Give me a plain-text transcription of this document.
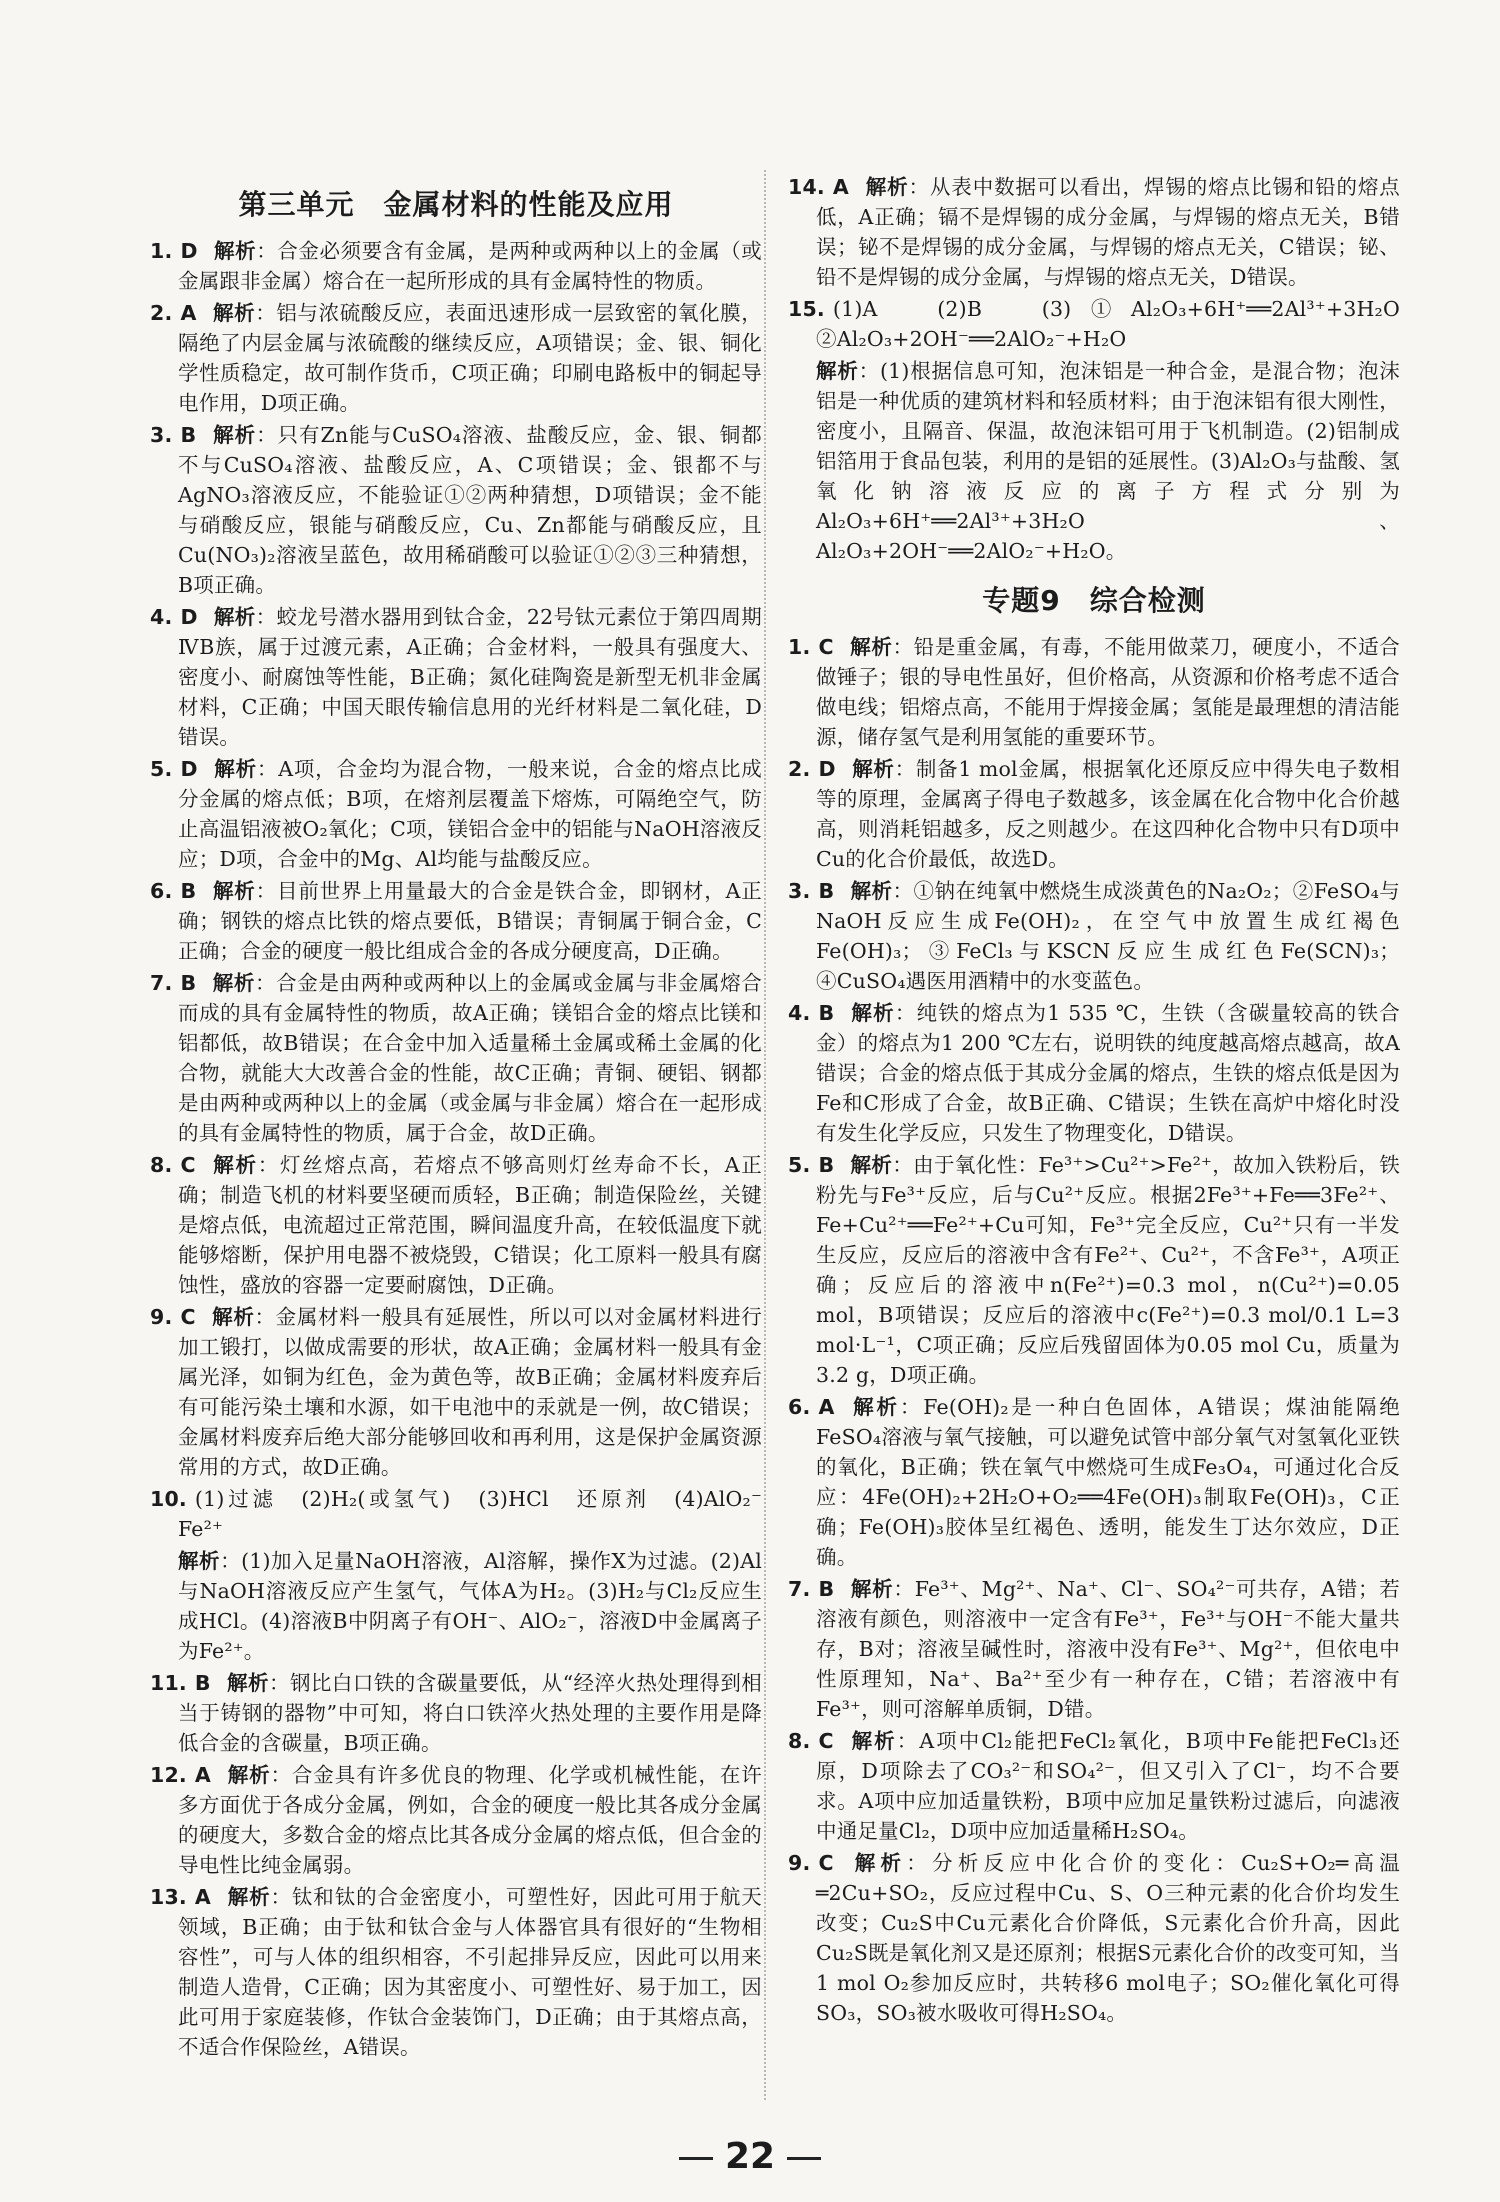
第三单元　金属材料的性能及应用
1. D 解析：合金必须要含有金属，是两种或两种以上的金属（或金属跟非金属）熔合在一起所形成的具有金属特性的物质。
2. A 解析：铝与浓硫酸反应，表面迅速形成一层致密的氧化膜，隔绝了内层金属与浓硫酸的继续反应，A项错误；金、银、铜化学性质稳定，故可制作货币，C项正确；印刷电路板中的铜起导电作用，D项正确。
3. B 解析：只有Zn能与CuSO₄溶液、盐酸反应，金、银、铜都不与CuSO₄溶液、盐酸反应，A、C项错误；金、银都不与AgNO₃溶液反应，不能验证①②两种猜想，D项错误；金不能与硝酸反应，银能与硝酸反应，Cu、Zn都能与硝酸反应，且Cu(NO₃)₂溶液呈蓝色，故用稀硝酸可以验证①②③三种猜想，B项正确。
4. D 解析：蛟龙号潜水器用到钛合金，22号钛元素位于第四周期ⅣB族，属于过渡元素，A正确；合金材料，一般具有强度大、密度小、耐腐蚀等性能，B正确；氮化硅陶瓷是新型无机非金属材料，C正确；中国天眼传输信息用的光纤材料是二氧化硅，D错误。
5. D 解析：A项，合金均为混合物，一般来说，合金的熔点比成分金属的熔点低；B项，在熔剂层覆盖下熔炼，可隔绝空气，防止高温铝液被O₂氧化；C项，镁铝合金中的铝能与NaOH溶液反应；D项，合金中的Mg、Al均能与盐酸反应。
6. B 解析：目前世界上用量最大的合金是铁合金，即钢材，A正确；钢铁的熔点比铁的熔点要低，B错误；青铜属于铜合金，C正确；合金的硬度一般比组成合金的各成分硬度高，D正确。
7. B 解析：合金是由两种或两种以上的金属或金属与非金属熔合而成的具有金属特性的物质，故A正确；镁铝合金的熔点比镁和铝都低，故B错误；在合金中加入适量稀土金属或稀土金属的化合物，就能大大改善合金的性能，故C正确；青铜、硬铝、钢都是由两种或两种以上的金属（或金属与非金属）熔合在一起形成的具有金属特性的物质，属于合金，故D正确。
8. C 解析：灯丝熔点高，若熔点不够高则灯丝寿命不长，A正确；制造飞机的材料要坚硬而质轻，B正确；制造保险丝，关键是熔点低，电流超过正常范围，瞬间温度升高，在较低温度下就能够熔断，保护用电器不被烧毁，C错误；化工原料一般具有腐蚀性，盛放的容器一定要耐腐蚀，D正确。
9. C 解析：金属材料一般具有延展性，所以可以对金属材料进行加工锻打，以做成需要的形状，故A正确；金属材料一般具有金属光泽，如铜为红色，金为黄色等，故B正确；金属材料废弃后有可能污染土壤和水源，如干电池中的汞就是一例，故C错误；金属材料废弃后绝大部分能够回收和再利用，这是保护金属资源常用的方式，故D正确。
10. (1)过滤　(2)H₂(或氢气)　(3)HCl　还原剂　(4)AlO₂⁻　Fe²⁺
解析：(1)加入足量NaOH溶液，Al溶解，操作X为过滤。(2)Al与NaOH溶液反应产生氢气，气体A为H₂。(3)H₂与Cl₂反应生成HCl。(4)溶液B中阴离子有OH⁻、AlO₂⁻，溶液D中金属离子为Fe²⁺。
11. B 解析：钢比白口铁的含碳量要低，从“经淬火热处理得到相当于铸钢的器物”中可知，将白口铁淬火热处理的主要作用是降低合金的含碳量，B项正确。
12. A 解析：合金具有许多优良的物理、化学或机械性能，在许多方面优于各成分金属，例如，合金的硬度一般比其各成分金属的硬度大，多数合金的熔点比其各成分金属的熔点低，但合金的导电性比纯金属弱。
13. A 解析：钛和钛的合金密度小，可塑性好，因此可用于航天领域，B正确；由于钛和钛合金与人体器官具有很好的“生物相容性”，可与人体的组织相容，不引起排异反应，因此可以用来制造人造骨，C正确；因为其密度小、可塑性好、易于加工，因此可用于家庭装修，作钛合金装饰门，D正确；由于其熔点高，不适合作保险丝，A错误。
14. A 解析：从表中数据可以看出，焊锡的熔点比锡和铅的熔点低，A正确；镉不是焊锡的成分金属，与焊锡的熔点无关，B错误；铋不是焊锡的成分金属，与焊锡的熔点无关，C错误；铋、铅不是焊锡的成分金属，与焊锡的熔点无关，D错误。
15. (1)A　(2)B　(3)①Al₂O₃+6H⁺══2Al³⁺+3H₂O　②Al₂O₃+2OH⁻══2AlO₂⁻+H₂O
解析：(1)根据信息可知，泡沫铝是一种合金，是混合物；泡沫铝是一种优质的建筑材料和轻质材料；由于泡沫铝有很大刚性，密度小，且隔音、保温，故泡沫铝可用于飞机制造。(2)铝制成铝箔用于食品包装，利用的是铝的延展性。(3)Al₂O₃与盐酸、氢氧化钠溶液反应的离子方程式分别为Al₂O₃+6H⁺══2Al³⁺+3H₂O、Al₂O₃+2OH⁻══2AlO₂⁻+H₂O。
专题9　综合检测
1. C 解析：铅是重金属，有毒，不能用做菜刀，硬度小，不适合做锤子；银的导电性虽好，但价格高，从资源和价格考虑不适合做电线；铝熔点高，不能用于焊接金属；氢能是最理想的清洁能源，储存氢气是利用氢能的重要环节。
2. D 解析：制备1 mol金属，根据氧化还原反应中得失电子数相等的原理，金属离子得电子数越多，该金属在化合物中化合价越高，则消耗铝越多，反之则越少。在这四种化合物中只有D项中Cu的化合价最低，故选D。
3. B 解析：①钠在纯氧中燃烧生成淡黄色的Na₂O₂；②FeSO₄与NaOH反应生成Fe(OH)₂，在空气中放置生成红褐色Fe(OH)₃；③FeCl₃与KSCN反应生成红色Fe(SCN)₃；④CuSO₄遇医用酒精中的水变蓝色。
4. B 解析：纯铁的熔点为1 535 ℃，生铁（含碳量较高的铁合金）的熔点为1 200 ℃左右，说明铁的纯度越高熔点越高，故A错误；合金的熔点低于其成分金属的熔点，生铁的熔点低是因为Fe和C形成了合金，故B正确、C错误；生铁在高炉中熔化时没有发生化学反应，只发生了物理变化，D错误。
5. B 解析：由于氧化性：Fe³⁺>Cu²⁺>Fe²⁺，故加入铁粉后，铁粉先与Fe³⁺反应，后与Cu²⁺反应。根据2Fe³⁺+Fe══3Fe²⁺、Fe+Cu²⁺══Fe²⁺+Cu可知，Fe³⁺完全反应，Cu²⁺只有一半发生反应，反应后的溶液中含有Fe²⁺、Cu²⁺，不含Fe³⁺，A项正确；反应后的溶液中n(Fe²⁺)=0.3 mol，n(Cu²⁺)=0.05 mol，B项错误；反应后的溶液中c(Fe²⁺)=0.3 mol/0.1 L=3 mol·L⁻¹，C项正确；反应后残留固体为0.05 mol Cu，质量为3.2 g，D项正确。
6. A 解析：Fe(OH)₂是一种白色固体，A错误；煤油能隔绝FeSO₄溶液与氧气接触，可以避免试管中部分氧气对氢氧化亚铁的氧化，B正确；铁在氧气中燃烧可生成Fe₃O₄，可通过化合反应：4Fe(OH)₂+2H₂O+O₂══4Fe(OH)₃制取Fe(OH)₃，C正确；Fe(OH)₃胶体呈红褐色、透明，能发生丁达尔效应，D正确。
7. B 解析：Fe³⁺、Mg²⁺、Na⁺、Cl⁻、SO₄²⁻可共存，A错；若溶液有颜色，则溶液中一定含有Fe³⁺，Fe³⁺与OH⁻不能大量共存，B对；溶液呈碱性时，溶液中没有Fe³⁺、Mg²⁺，但依电中性原理知，Na⁺、Ba²⁺至少有一种存在，C错；若溶液中有Fe³⁺，则可溶解单质铜，D错。
8. C 解析：A项中Cl₂能把FeCl₂氧化，B项中Fe能把FeCl₃还原，D项除去了CO₃²⁻和SO₄²⁻，但又引入了Cl⁻，均不合要求。A项中应加适量铁粉，B项中应加足量铁粉过滤后，向滤液中通足量Cl₂，D项中应加适量稀H₂SO₄。
9. C 解析：分析反应中化合价的变化：Cu₂S+O₂═高温═2Cu+SO₂，反应过程中Cu、S、O三种元素的化合价均发生改变；Cu₂S中Cu元素化合价降低，S元素化合价升高，因此Cu₂S既是氧化剂又是还原剂；根据S元素化合价的改变可知，当1 mol O₂参加反应时，共转移6 mol电子；SO₂催化氧化可得SO₃，SO₃被水吸收可得H₂SO₄。
22
